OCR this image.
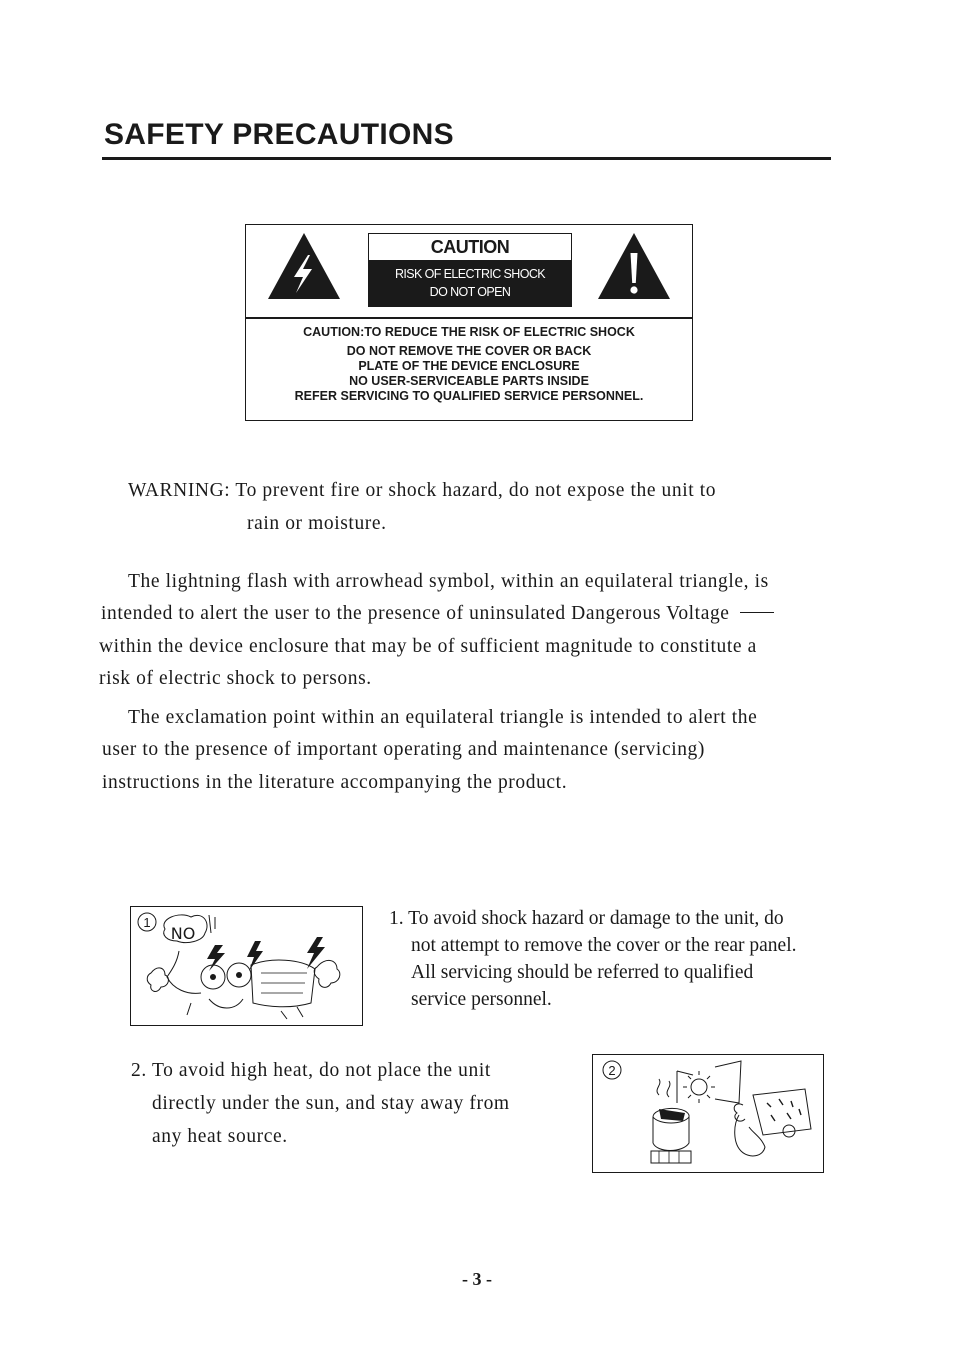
SAFETY PRECAUTIONS
CAUTION
RISK OF ELECTRIC SHOCK
DO NOT OPEN
CAUTION:TO REDUCE THE RISK OF ELECTRIC SHOCK
DO NOT REMOVE THE COVER OR BACK
PLATE OF THE DEVICE ENCLOSURE
NO USER-SERVICEABLE PARTS INSIDE
REFER SERVICING TO QUALIFIED SERVICE PERSONNEL.
WARNING: To prevent fire or shock hazard, do not expose the unit to
rain or moisture.
The lightning flash with arrowhead symbol, within an equilateral triangle, is
intended to alert the user to the presence of uninsulated Dangerous Voltage
within the device enclosure that may be of sufficient magnitude to constitute a
risk of electric shock to persons.
The exclamation point within an equilateral triangle is intended to alert the
user to the presence of important operating and maintenance (servicing)
instructions in the literature accompanying the product.
1
NO
1. To avoid shock hazard or damage to the unit, do
not attempt to remove the cover or the rear panel.
All servicing should be referred to qualified
service personnel.
2. To avoid high heat, do not place the unit
directly under the sun, and stay away from
any heat source.
2
- 3 -
